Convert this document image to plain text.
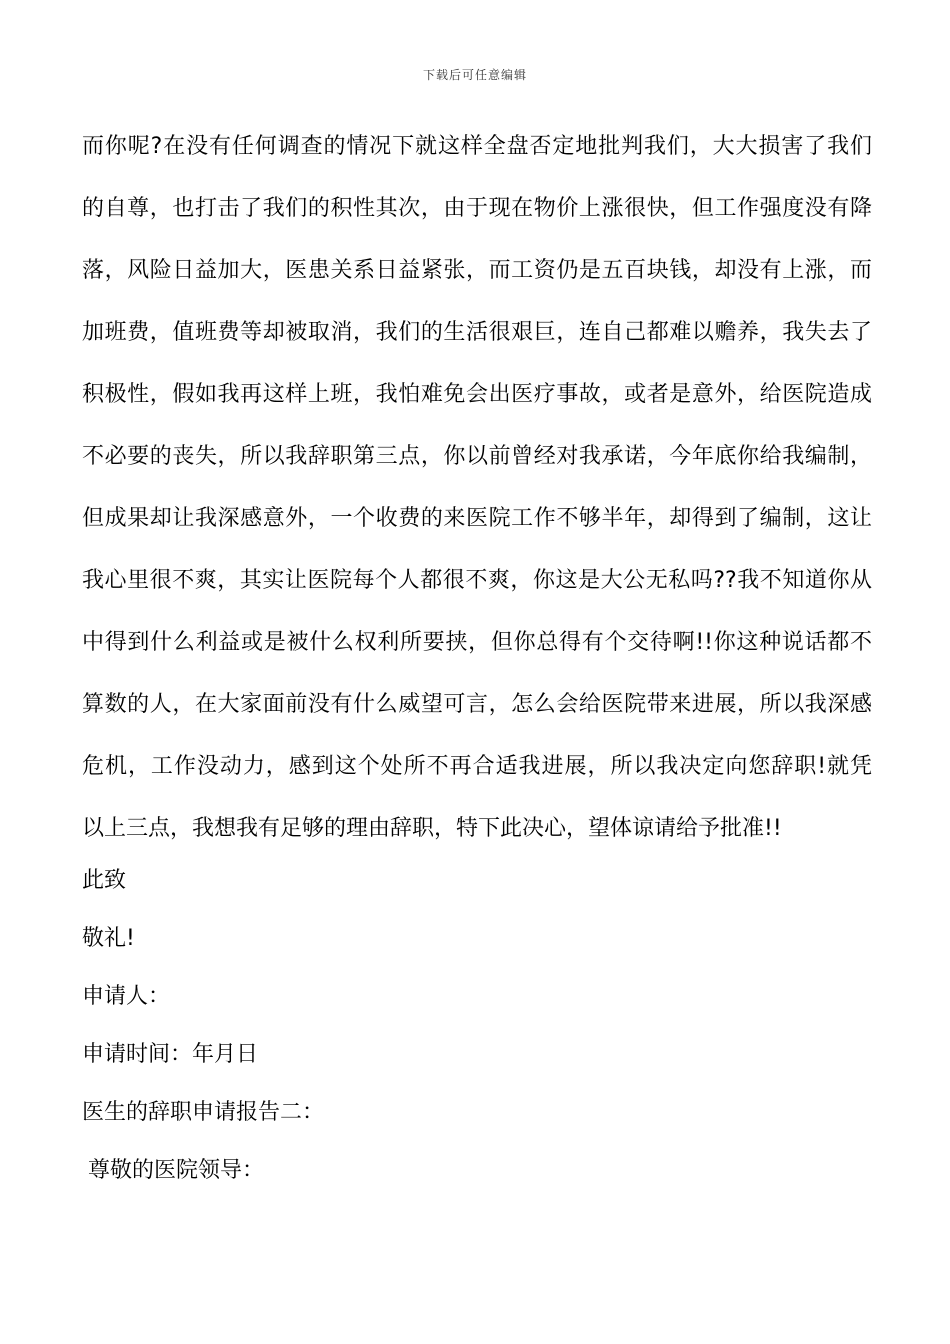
下载后可任意编辑
而你呢?在没有任何调查的情况下就这样全盘否定地批判我们，大大损害了我们
的自尊，也打击了我们的积性其次，由于现在物价上涨很快，但工作强度没有降
落，风险日益加大，医患关系日益紧张，而工资仍是五百块钱，却没有上涨，而
加班费，值班费等却被取消，我们的生活很艰巨，连自己都难以赡养，我失去了
积极性，假如我再这样上班，我怕难免会出医疗事故，或者是意外，给医院造成
不必要的丧失，所以我辞职第三点，你以前曾经对我承诺，今年底你给我编制，
但成果却让我深感意外，一个收费的来医院工作不够半年，却得到了编制，这让
我心里很不爽，其实让医院每个人都很不爽，你这是大公无私吗??我不知道你从
中得到什么利益或是被什么权利所要挟，但你总得有个交待啊!!你这种说话都不
算数的人，在大家面前没有什么威望可言，怎么会给医院带来进展，所以我深感
危机，工作没动力，感到这个处所不再合适我进展，所以我决定向您辞职!就凭
以上三点，我想我有足够的理由辞职，特下此决心，望体谅请给予批准!!
此致
敬礼!
申请人：
申请时间：年月日
医生的辞职申请报告二：
尊敬的医院领导：
